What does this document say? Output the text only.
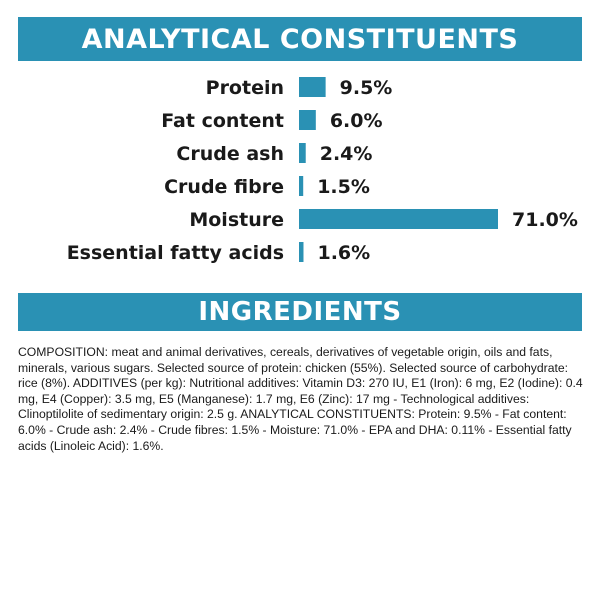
ANALYTICAL CONSTITUENTS
Protein	9.5%
Fat content 6.0%
Crude ash 2.4%
Crude fibre 1.5%
Moisture	71.0%
Essential fatty acids 1.6%
INGREDIENTS

COMPOSITION: meat and animal derivatives, cereals, derivatives of vegetable origin, oils and fats, minerals, various sugars. Selected source of protein: chicken (55%). Selected source of carbohydrate: rice (8%). ADDITIVES (per kg): Nutritional additives: Vitamin D3: 270 IU, E1 (Iron): 6 mg, E2 (Iodine): 0.4 mg, E4 (Copper): 3.5 mg, E5 (Manganese): 1.7 mg, E6 (Zinc): 17 mg - Technological additives: Clinoptilolite of sedimentary origin: 2.5 g. ANALYTICAL CONSTITUENTS: Protein: 9.5% - Fat content: 6.0% - Crude ash: 2.4% - Crude fibres: 1.5% - Moisture: 71.0% - EPA and DHA: 0.11% - Essential fatty acids (Linoleic Acid): 1.6%.
